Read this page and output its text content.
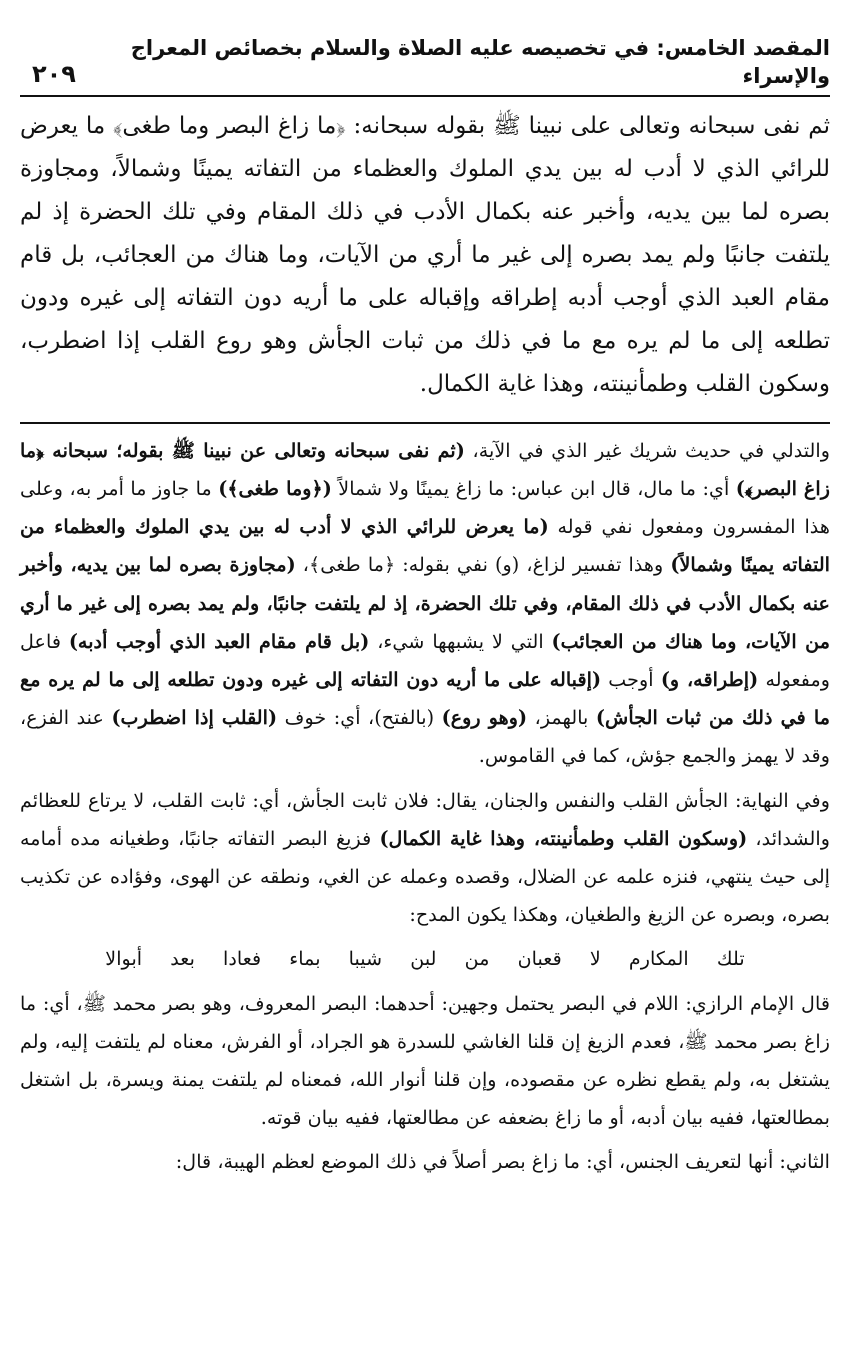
المقصد الخامس: في تخصيصه عليه الصلاة والسلام بخصائص المعراج والإسراء
٢٠٩

ثم نفى سبحانه وتعالى على نبينا ﷺ بقوله سبحانه: ﴿ما زاغ البصر وما طغى﴾ ما يعرض للرائي الذي لا أدب له بين يدي الملوك والعظماء من التفاته يمينًا وشمالاً، ومجاوزة بصره لما بين يديه، وأخبر عنه بكمال الأدب في ذلك المقام وفي تلك الحضرة إذ لم يلتفت جانبًا ولم يمد بصره إلى غير ما أري من الآيات، وما هناك من العجائب، بل قام مقام العبد الذي أوجب أدبه إطراقه وإقباله على ما أريه دون التفاته إلى غيره ودون تطلعه إلى ما لم يره مع ما في ذلك من ثبات الجأش وهو روع القلب إذا اضطرب، وسكون القلب وطمأنينته، وهذا غاية الكمال.

والتدلي في حديث شريك غير الذي في الآية، (ثم نفى سبحانه وتعالى عن نبينا ﷺ بقوله؛ سبحانه ﴿ما زاغ البصر﴾) أي: ما مال، قال ابن عباس: ما زاغ يمينًا ولا شمالاً (﴿وما طغى﴾) ما جاوز ما أمر به، وعلى هذا المفسرون ومفعول نفي قوله (ما يعرض للرائي الذي لا أدب له بين يدي الملوك والعظماء من التفاته يمينًا وشمالاً) وهذا تفسير لزاغ، (و) نفي بقوله: ﴿ما طغى﴾، (مجاوزة بصره لما بين يديه، وأخبر عنه بكمال الأدب في ذلك المقام، وفي تلك الحضرة، إذ لم يلتفت جانبًا، ولم يمد بصره إلى غير ما أري من الآيات، وما هناك من العجائب) التي لا يشبهها شيء، (بل قام مقام العبد الذي أوجب أدبه) فاعل ومفعوله (إطراقه، و) أوجب (إقباله على ما أريه دون التفاته إلى غيره ودون تطلعه إلى ما لم يره مع ما في ذلك من ثبات الجأش) بالهمز، (وهو روع) (بالفتح)، أي: خوف (القلب إذا اضطرب) عند الفزع، وقد لا يهمز والجمع جؤش، كما في القاموس.

وفي النهاية: الجأش القلب والنفس والجنان، يقال: فلان ثابت الجأش، أي: ثابت القلب، لا يرتاع للعظائم والشدائد، (وسكون القلب وطمأنينته، وهذا غاية الكمال) فزيغ البصر التفاته جانبًا، وطغيانه مده أمامه إلى حيث ينتهي، فنزه علمه عن الضلال، وقصده وعمله عن الغي، ونطقه عن الهوى، وفؤاده عن تكذيب بصره، وبصره عن الزيغ والطغيان، وهكذا يكون المدح:

تلك المكارم لا قعبان من لبن شيبا بماء فعادا بعد أبوالا

قال الإمام الرازي: اللام في البصر يحتمل وجهين: أحدهما: البصر المعروف، وهو بصر محمد ﷺ، أي: ما زاغ بصر محمد ﷺ، فعدم الزيغ إن قلنا الغاشي للسدرة هو الجراد، أو الفرش، معناه لم يلتفت إليه، ولم يشتغل به، ولم يقطع نظره عن مقصوده، وإن قلنا أنوار الله، فمعناه لم يلتفت يمنة ويسرة، بل اشتغل بمطالعتها، ففيه بيان أدبه، أو ما زاغ بضعفه عن مطالعتها، ففيه بيان قوته.

الثاني: أنها لتعريف الجنس، أي: ما زاغ بصر أصلاً في ذلك الموضع لعظم الهيبة، قال:
